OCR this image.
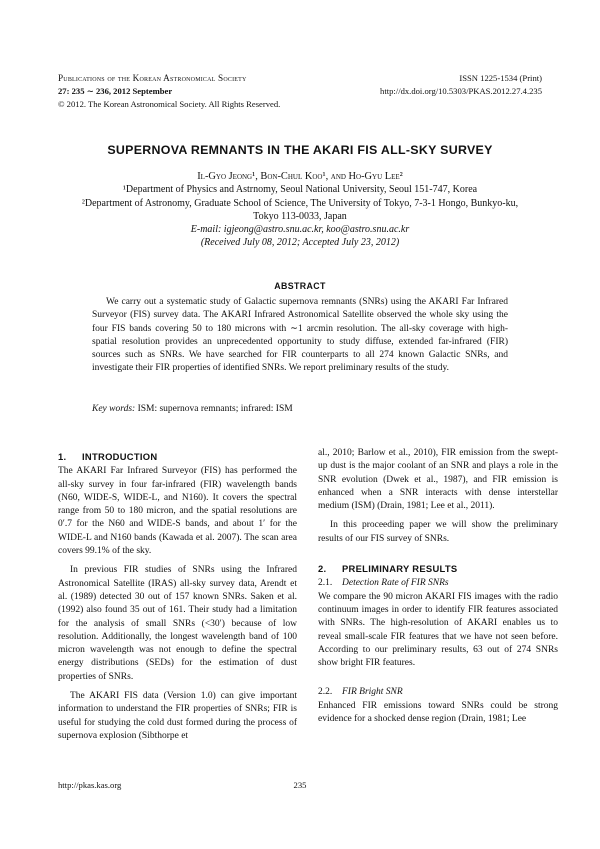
Publications of the Korean Astronomical Society
27: 235 ∼ 236, 2012 September
© 2012. The Korean Astronomical Society. All Rights Reserved.
ISSN 1225-1534 (Print)
http://dx.doi.org/10.5303/PKAS.2012.27.4.235
SUPERNOVA REMNANTS IN THE AKARI FIS ALL-SKY SURVEY
Il-Gyo Jeong¹, Bon-Chul Koo¹, and Ho-Gyu Lee²
¹Department of Physics and Astrnomy, Seoul National University, Seoul 151-747, Korea
²Department of Astronomy, Graduate School of Science, The University of Tokyo, 7-3-1 Hongo, Bunkyo-ku,
Tokyo 113-0033, Japan
E-mail: igjeong@astro.snu.ac.kr, koo@astro.snu.ac.kr
(Received July 08, 2012; Accepted July 23, 2012)
ABSTRACT

We carry out a systematic study of Galactic supernova remnants (SNRs) using the AKARI Far Infrared Surveyor (FIS) survey data. The AKARI Infrared Astronomical Satellite observed the whole sky using the four FIS bands covering 50 to 180 microns with ∼1 arcmin resolution. The all-sky coverage with high-spatial resolution provides an unprecedented opportunity to study diffuse, extended far-infrared (FIR) sources such as SNRs. We have searched for FIR counterparts to all 274 known Galactic SNRs, and investigate their FIR properties of identified SNRs. We report preliminary results of the study.

Key words: ISM: supernova remnants; infrared: ISM

1. INTRODUCTION

The AKARI Far Infrared Surveyor (FIS) has performed the all-sky survey in four far-infrared (FIR) wavelength bands (N60, WIDE-S, WIDE-L, and N160). It covers the spectral range from 50 to 180 micron, and the spatial resolutions are 0′.7 for the N60 and WIDE-S bands, and about 1′ for the WIDE-L and N160 bands (Kawada et al. 2007). The scan area covers 99.1% of the sky.

In previous FIR studies of SNRs using the Infrared Astronomical Satellite (IRAS) all-sky survey data, Arendt et al. (1989) detected 30 out of 157 known SNRs. Saken et al. (1992) also found 35 out of 161. Their study had a limitation for the analysis of small SNRs (<30′) because of low resolution. Additionally, the longest wavelength band of 100 micron wavelength was not enough to define the spectral energy distributions (SEDs) for the estimation of dust properties of SNRs.

The AKARI FIS data (Version 1.0) can give important information to understand the FIR properties of SNRs; FIR is useful for studying the cold dust formed during the process of supernova explosion (Sibthorpe et

al., 2010; Barlow et al., 2010), FIR emission from the swept-up dust is the major coolant of an SNR and plays a role in the SNR evolution (Dwek et al., 1987), and FIR emission is enhanced when a SNR interacts with dense interstellar medium (ISM) (Drain, 1981; Lee et al., 2011).

In this proceeding paper we will show the preliminary results of our FIS survey of SNRs.

2. PRELIMINARY RESULTS
2.1. Detection Rate of FIR SNRs

We compare the 90 micron AKARI FIS images with the radio continuum images in order to identify FIR features associated with SNRs. The high-resolution of AKARI enables us to reveal small-scale FIR features that we have not seen before. According to our preliminary results, 63 out of 274 SNRs show bright FIR features.

2.2. FIR Bright SNR

Enhanced FIR emissions toward SNRs could be strong evidence for a shocked dense region (Drain, 1981; Lee

http://pkas.kas.org	235
